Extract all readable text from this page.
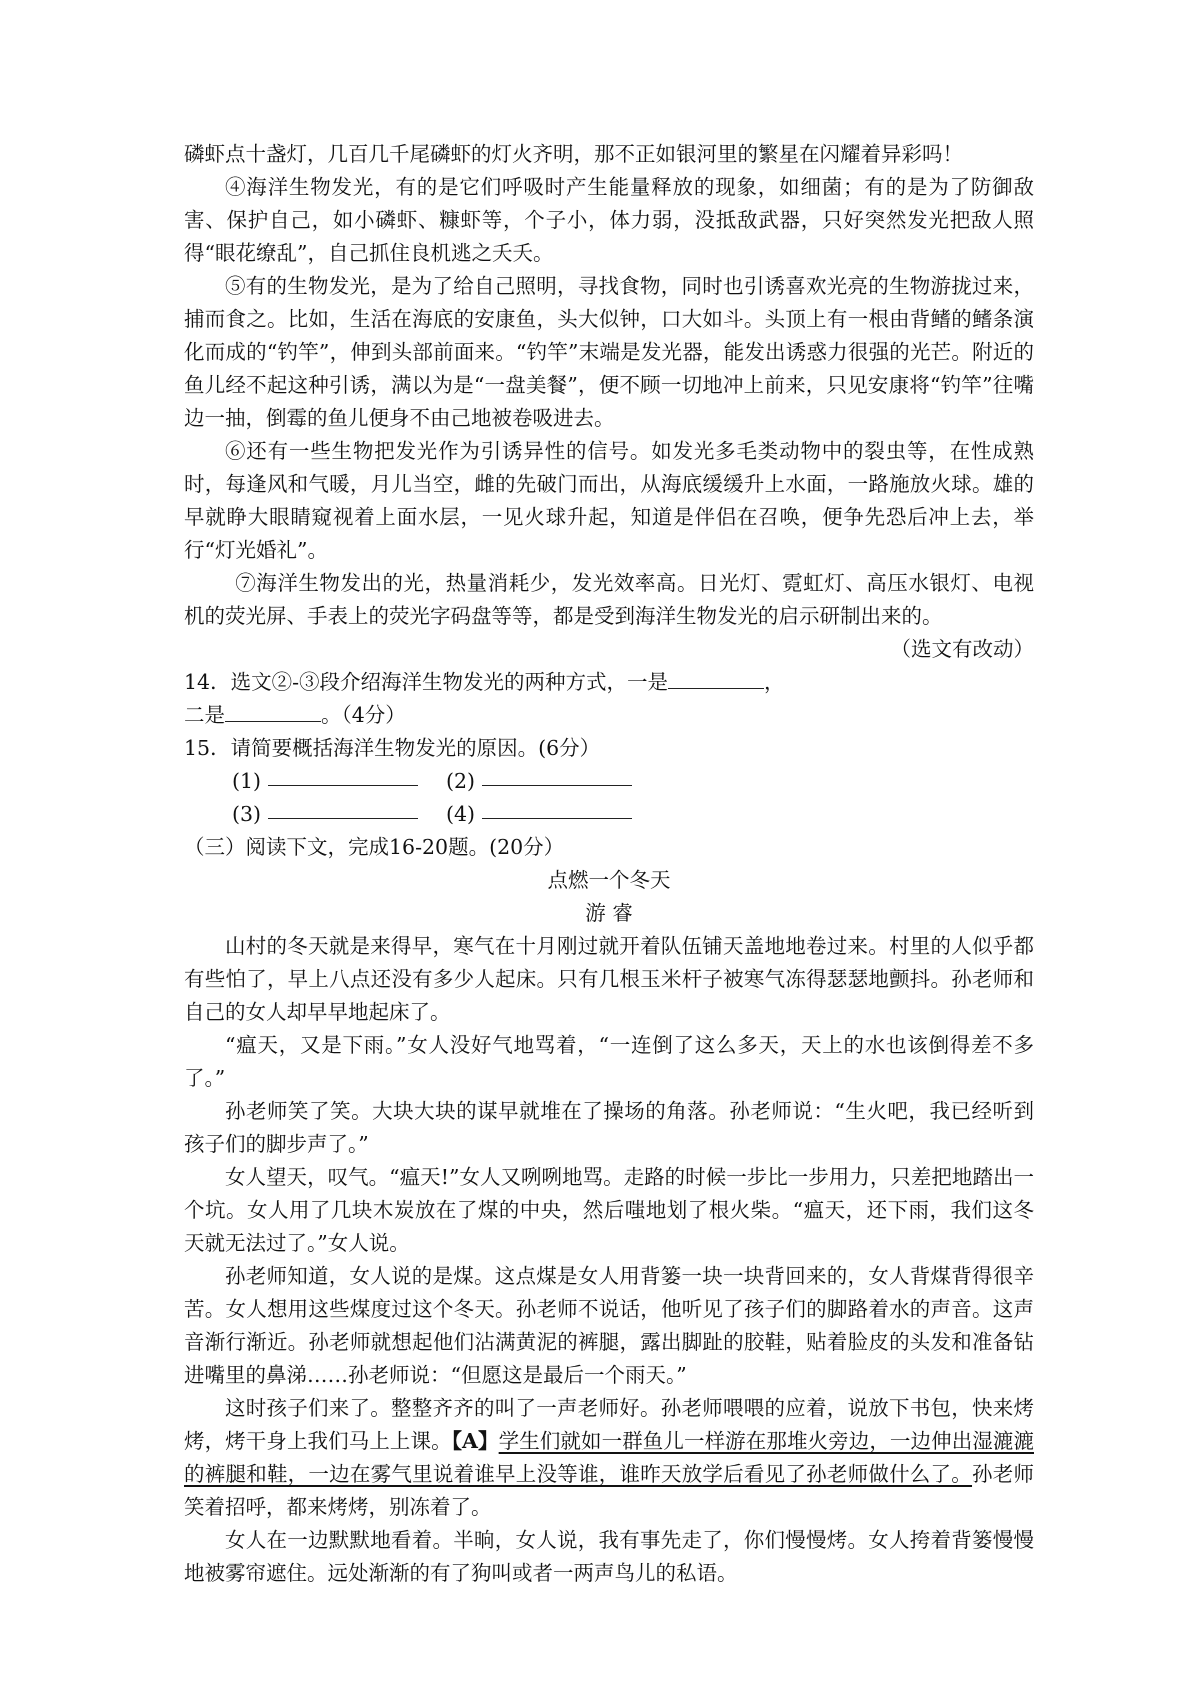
磷虾点十盏灯，几百几千尾磷虾的灯火齐明，那不正如银河里的繁星在闪耀着异彩吗！

④海洋生物发光，有的是它们呼吸时产生能量释放的现象，如细菌；有的是为了防御敌害、保护自己，如小磷虾、糠虾等，个子小，体力弱，没抵敌武器，只好突然发光把敌人照得“眼花缭乱”，自己抓住良机逃之夭夭。

⑤有的生物发光，是为了给自己照明，寻找食物，同时也引诱喜欢光亮的生物游拢过来，捕而食之。比如，生活在海底的安康鱼，头大似钟，口大如斗。头顶上有一根由背鳍的鳍条演化而成的“钓竿”，伸到头部前面来。“钓竿”末端是发光器，能发出诱惑力很强的光芒。附近的鱼儿经不起这种引诱，满以为是“一盘美餐”，便不顾一切地冲上前来，只见安康将“钓竿”往嘴边一抽，倒霉的鱼儿便身不由己地被卷吸进去。

⑥还有一些生物把发光作为引诱异性的信号。如发光多毛类动物中的裂虫等，在性成熟时，每逢风和气暖，月儿当空，雌的先破门而出，从海底缓缓升上水面，一路施放火球。雄的早就睁大眼睛窥视着上面水层，一见火球升起，知道是伴侣在召唤，便争先恐后冲上去，举行“灯光婚礼”。

⑦海洋生物发出的光，热量消耗少，发光效率高。日光灯、霓虹灯、高压水银灯、电视机的荧光屏、手表上的荧光字码盘等等，都是受到海洋生物发光的启示研制出来的。

（选文有改动）

14．选文②-③段介绍海洋生物发光的两种方式，一是	，

二是	。（4分）

15．请简要概括海洋生物发光的原因。(6分）

(1)	(2)
(3)	(4)

（三）阅读下文，完成16-20题。(20分）

点燃一个冬天

游 睿

山村的冬天就是来得早，寒气在十月刚过就开着队伍铺天盖地地卷过来。村里的人似乎都有些怕了，早上八点还没有多少人起床。只有几根玉米杆子被寒气冻得瑟瑟地颤抖。孙老师和自己的女人却早早地起床了。

“瘟天，又是下雨。”女人没好气地骂着，“一连倒了这么多天，天上的水也该倒得差不多了。”

孙老师笑了笑。大块大块的谋早就堆在了操场的角落。孙老师说：“生火吧，我已经听到孩子们的脚步声了。”

女人望天，叹气。“瘟天!”女人又咧咧地骂。走路的时候一步比一步用力，只差把地踏出一个坑。女人用了几块木炭放在了煤的中央，然后嗤地划了根火柴。“瘟天，还下雨，我们这冬天就无法过了。”女人说。

孙老师知道，女人说的是煤。这点煤是女人用背篓一块一块背回来的，女人背煤背得很辛苦。女人想用这些煤度过这个冬天。孙老师不说话，他听见了孩子们的脚路着水的声音。这声音渐行渐近。孙老师就想起他们沾满黄泥的裤腿，露出脚趾的胶鞋，贴着脸皮的头发和准备钻进嘴里的鼻涕……孙老师说：“但愿这是最后一个雨天。”

这时孩子们来了。整整齐齐的叫了一声老师好。孙老师喂喂的应着，说放下书包，快来烤烤，烤干身上我们马上上课。【A】学生们就如一群鱼儿一样游在那堆火旁边，一边伸出湿漉漉的裤腿和鞋，一边在雾气里说着谁早上没等谁，谁昨天放学后看见了孙老师做什么了。孙老师笑着招呼，都来烤烤，别冻着了。

女人在一边默默地看着。半晌，女人说，我有事先走了，你们慢慢烤。女人挎着背篓慢慢地被雾帘遮住。远处渐渐的有了狗叫或者一两声鸟儿的私语。
